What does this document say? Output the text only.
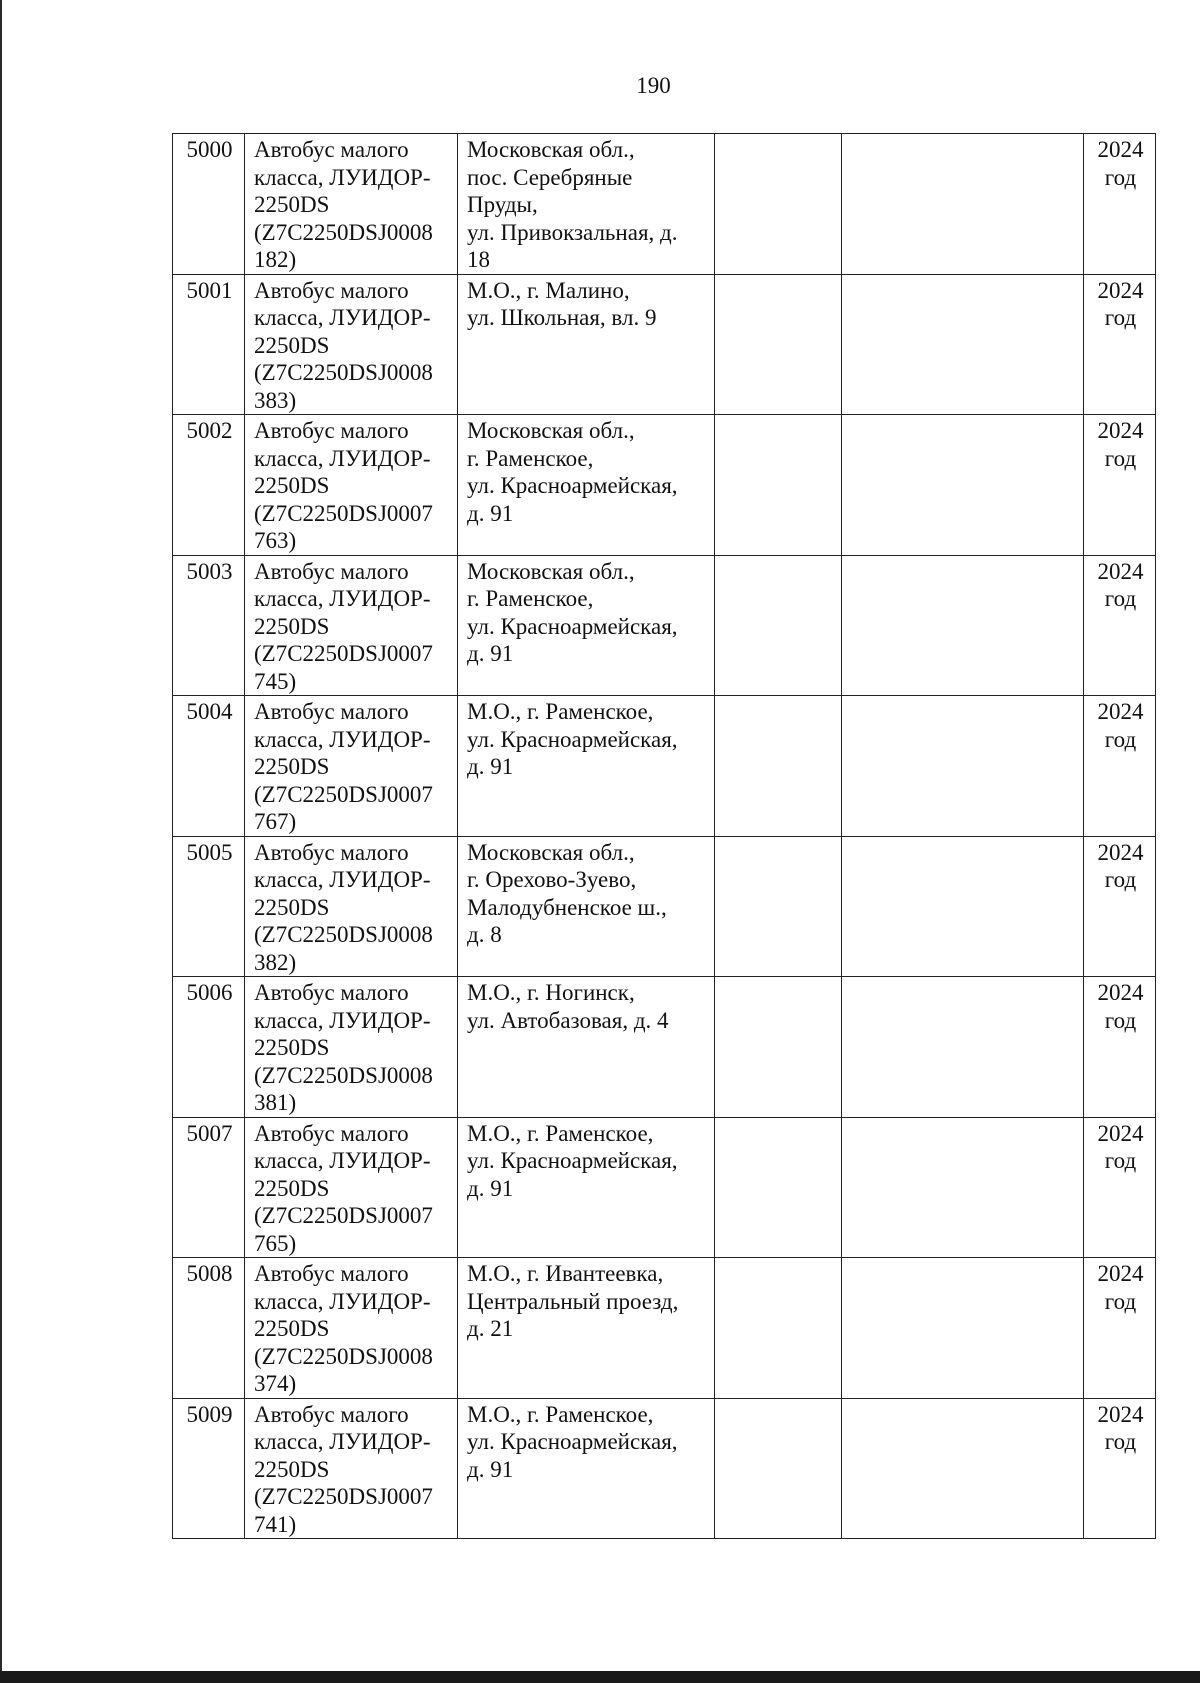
190
5000	Автобус малого
класса, ЛУИДОР-
2250DS
(Z7C2250DSJ0008
182)	Московская обл.,
пос. Серебряные
Пруды,
ул. Привокзальная, д.
18			2024
год

5001	Автобус малого
класса, ЛУИДОР-
2250DS
(Z7C2250DSJ0008
383)	М.О., г. Малино,
ул. Школьная, вл. 9			2024
год

5002	Автобус малого
класса, ЛУИДОР-
2250DS
(Z7C2250DSJ0007
763)	Московская обл.,
г. Раменское,
ул. Красноармейская,
д. 91			2024
год

5003	Автобус малого
класса, ЛУИДОР-
2250DS
(Z7C2250DSJ0007
745)	Московская обл.,
г. Раменское,
ул. Красноармейская,
д. 91			2024
год

5004	Автобус малого
класса, ЛУИДОР-
2250DS
(Z7C2250DSJ0007
767)	М.О., г. Раменское,
ул. Красноармейская,
д. 91			2024
год

5005	Автобус малого
класса, ЛУИДОР-
2250DS
(Z7C2250DSJ0008
382)	Московская обл.,
г. Орехово-Зуево,
Малодубненское ш.,
д. 8			2024
год

5006	Автобус малого
класса, ЛУИДОР-
2250DS
(Z7C2250DSJ0008
381)	М.О., г. Ногинск,
ул. Автобазовая, д. 4			2024
год

5007	Автобус малого
класса, ЛУИДОР-
2250DS
(Z7C2250DSJ0007
765)	М.О., г. Раменское,
ул. Красноармейская,
д. 91			2024
год

5008	Автобус малого
класса, ЛУИДОР-
2250DS
(Z7C2250DSJ0008
374)	М.О., г. Ивантеевка,
Центральный проезд,
д. 21			2024
год

5009	Автобус малого
класса, ЛУИДОР-
2250DS
(Z7C2250DSJ0007
741)	М.О., г. Раменское,
ул. Красноармейская,
д. 91			2024
год
